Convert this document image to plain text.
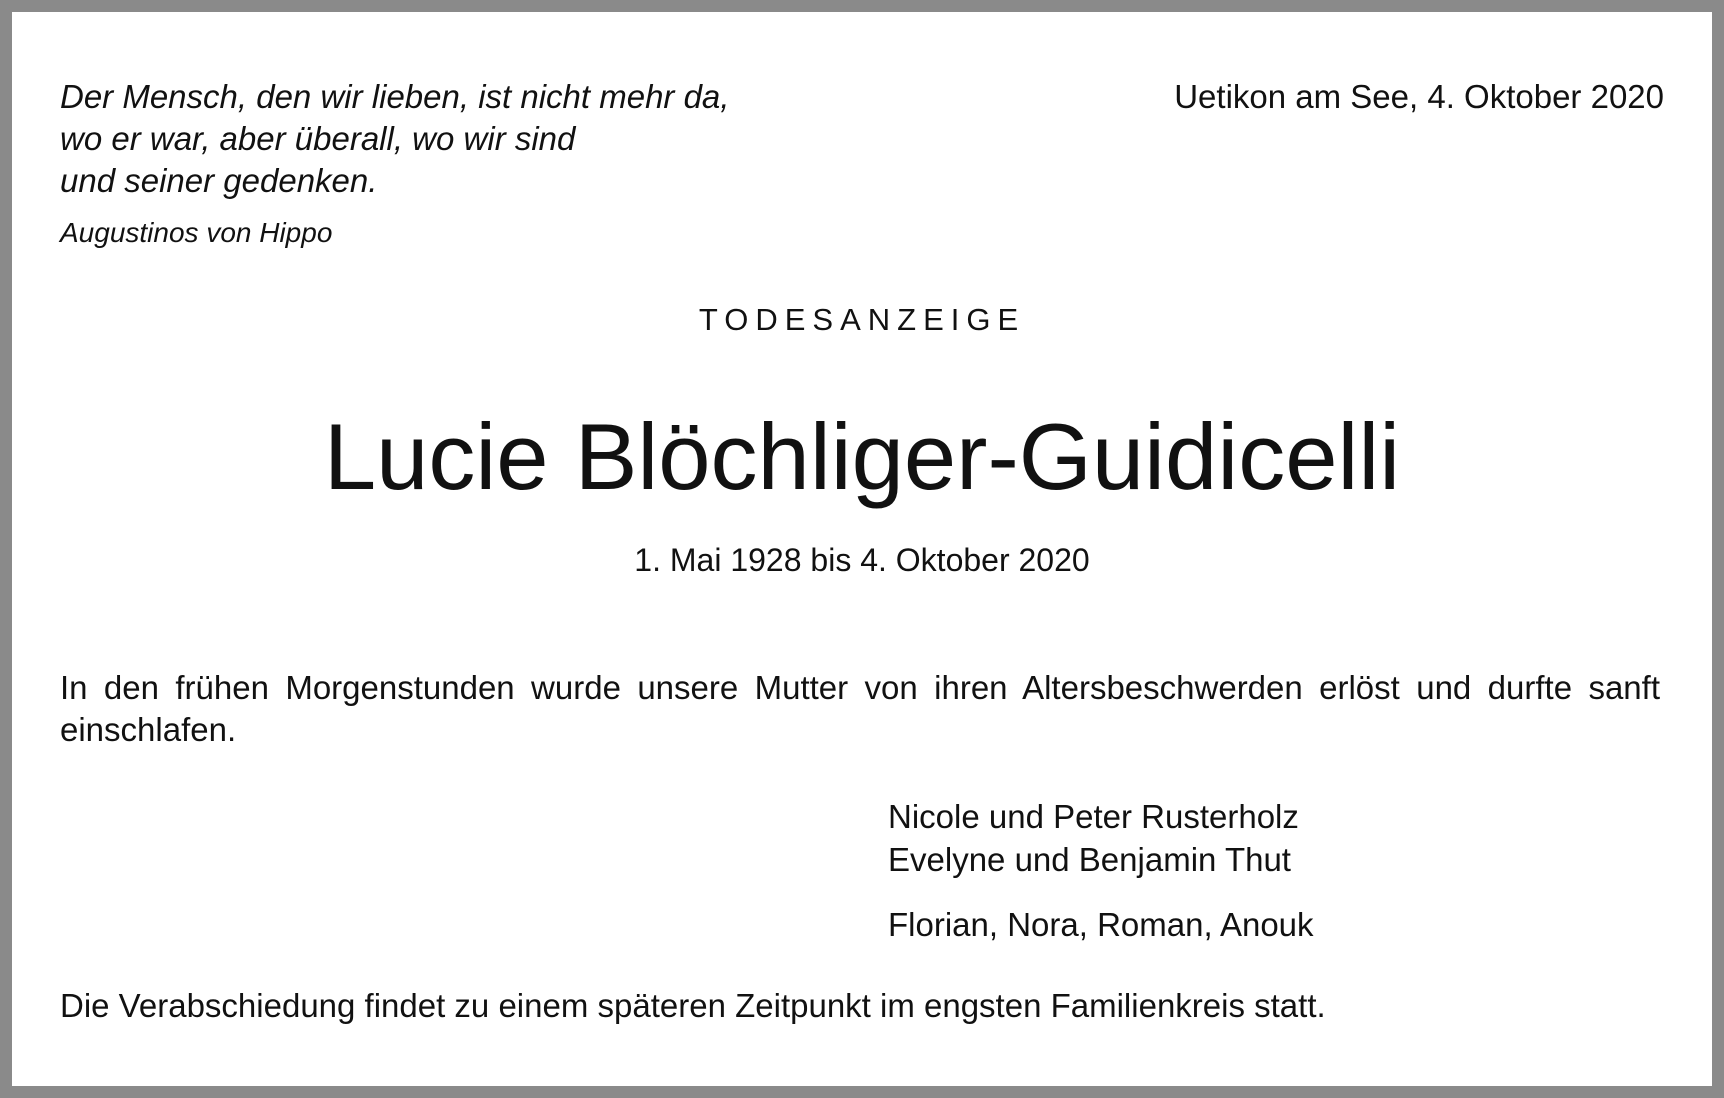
Der Mensch, den wir lieben, ist nicht mehr da,
wo er war, aber überall, wo wir sind
und seiner gedenken.
Augustinos von Hippo
Uetikon am See, 4. Oktober 2020
TODESANZEIGE
Lucie Blöchliger-Guidicelli
1. Mai 1928 bis 4. Oktober 2020
In den frühen Morgenstunden wurde unsere Mutter von ihren Altersbeschwerden erlöst und durfte sanft einschlafen.
Nicole und Peter Rusterholz
Evelyne und Benjamin Thut
Florian, Nora, Roman, Anouk
Die Verabschiedung findet zu einem späteren Zeitpunkt im engsten Familienkreis statt.
